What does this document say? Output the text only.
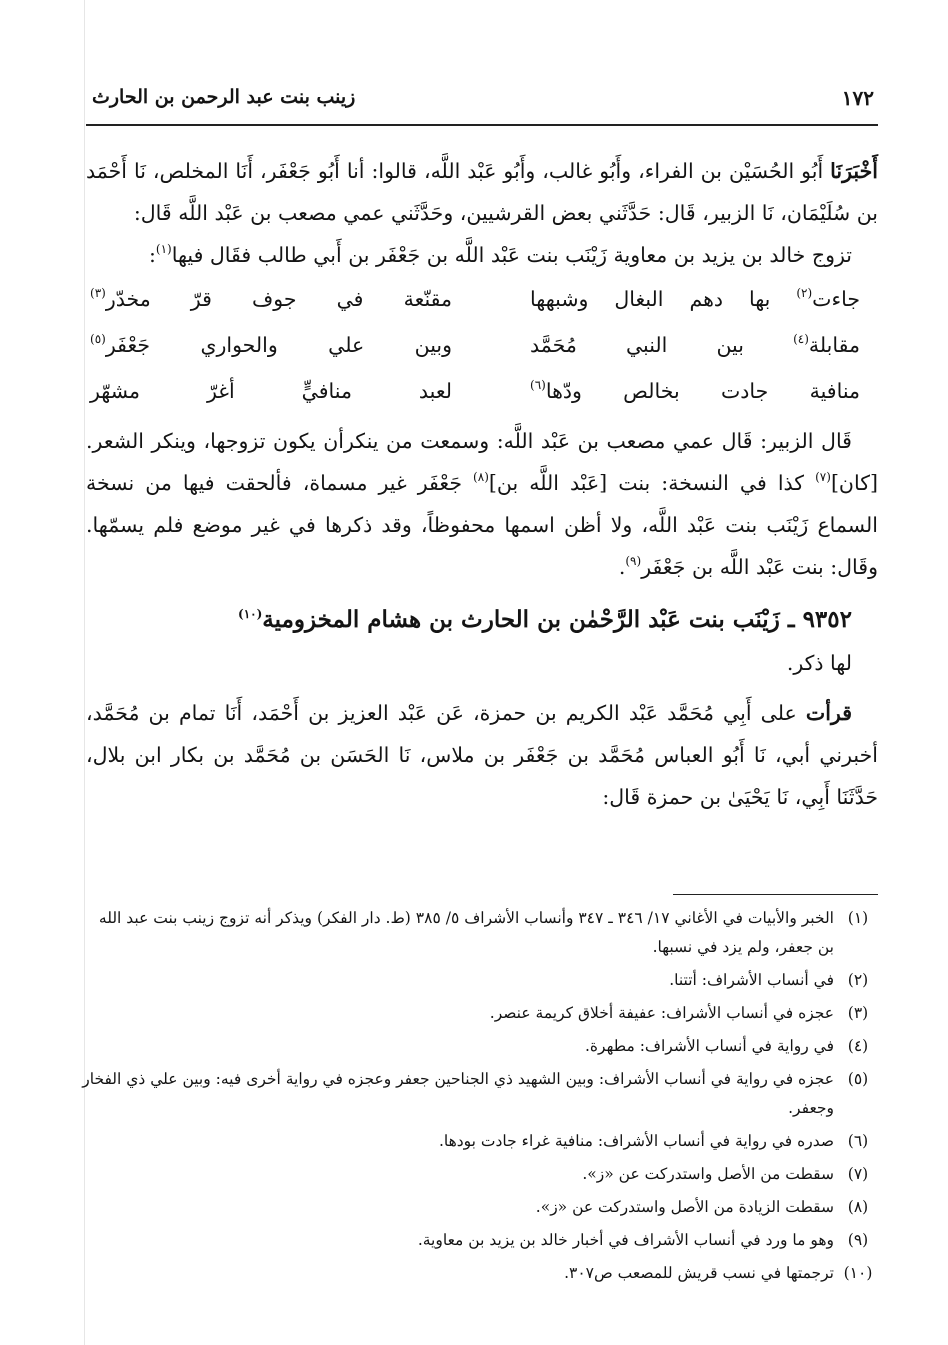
١٧٢
زينب بنت عبد الرحمن بن الحارث

أَخْبَرَنَا أَبُو الحُسَيْن بن الفراء، وأَبُو غالب، وأَبُو عَبْد اللَّه، قالوا: أنا أَبُو جَعْفَر، أَنَا المخلص، نَا أَحْمَد بن سُلَيْمَان، نَا الزبير، قَال: حَدَّثَني بعض القرشيين، وحَدَّثَني عمي مصعب بن عَبْد اللَّه قَال:

تزوج خالد بن يزيد بن معاوية زَيْنَب بنت عَبْد اللَّه بن جَعْفَر بن أَبي طالب فقَال فيها$^{(١)}$:

جاءت$^{(٢)}$ بها دهم البغال وشبهها
مقنّعة في جوف قرّ مخدّر$^{(٣)}$
مقابلة$^{(٤)}$ بين النبي مُحَمَّد
وبين علي والحواري جَعْفَر$^{(٥)}$
منافية جادت بخالص ودّها$^{(٦)}$
لعبد منافيٍّ أغرّ مشهّر

قَال الزبير: قَال عمي مصعب بن عَبْد اللَّه: وسمعت من ينكرأن يكون تزوجها، وينكر الشعر. [كان]$^{(٧)}$ كذا في النسخة: بنت [عَبْد اللَّه بن]$^{(٨)}$ جَعْفَر غير مسماة، فألحقت فيها من نسخة السماع زَيْنَب بنت عَبْد اللَّه، ولا أظن اسمها محفوظاً، وقد ذكرها في غير موضع فلم يسمّها. وقَال: بنت عَبْد اللَّه بن جَعْفَر$^{(٩)}$.

٩٣٥٢ ـ زَيْنَب بنت عَبْد الرَّحْمٰن بن الحارث بن هشام المخزومية$^{(١٠)}$

لها ذكر.

قرأت على أَبِي مُحَمَّد عَبْد الكريم بن حمزة، عَن عَبْد العزيز بن أَحْمَد، أَنَا تمام بن مُحَمَّد، أخبرني أبي، نَا أَبُو العباس مُحَمَّد بن جَعْفَر بن ملاس، نَا الحَسَن بن مُحَمَّد بن بكار ابن بلال، حَدَّثَنَا أَبِي، نَا يَحْيَىٰ بن حمزة قَال:

(١)
الخبر والأبيات في الأغاني ١٧/ ٣٤٦ ـ ٣٤٧ وأنساب الأشراف ٥/ ٣٨٥ (ط. دار الفكر) ويذكر أنه تزوج زينب بنت عبد الله بن جعفر، ولم يزد في نسبها.
(٢)
في أنساب الأشراف: أتتنا.
(٣)
عجزه في أنساب الأشراف: عفيفة أخلاق كريمة عنصر.
(٤)
في رواية في أنساب الأشراف: مطهرة.
(٥)
عجزه في رواية في أنساب الأشراف: وبين الشهيد ذي الجناحين جعفر وعجزه في رواية أخرى فيه: وبين علي ذي الفخار وجعفر.
(٦)
صدره في رواية في أنساب الأشراف: منافية غراء جادت بودها.
(٧)
سقطت من الأصل واستدركت عن «ز».
(٨)
سقطت الزيادة من الأصل واستدركت عن «ز».
(٩)
وهو ما ورد في أنساب الأشراف في أخبار خالد بن يزيد بن معاوية.
(١٠)
ترجمتها في نسب قريش للمصعب ص٣٠٧.
